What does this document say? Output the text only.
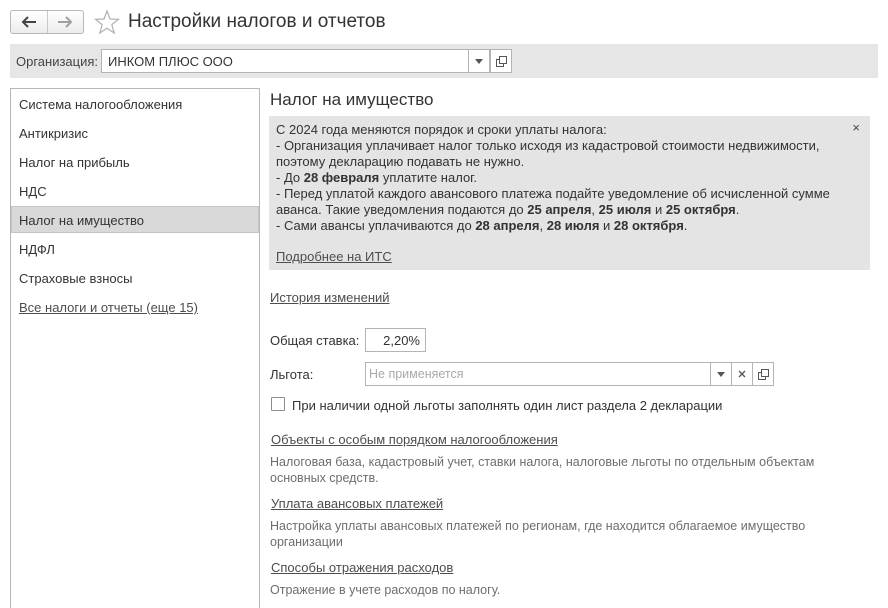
Настройки налогов и отчетов
Организация: ИНКОМ ПЛЮС ООО
Система налогообложения
Антикризис
Налог на прибыль
НДС
Налог на имущество
НДФЛ
Страховые взносы
Все налоги и отчеты (еще 15)
Налог на имущество
×

С 2024 года меняются порядок и сроки уплаты налога:

- Организация уплачивает налог только исходя из кадастровой стоимости недвижимости,

поэтому декларацию подавать не нужно.

- До 28 февраля уплатите налог.

- Перед уплатой каждого авансового платежа подайте уведомление об исчисленной сумме

аванса. Такие уведомления подаются до 25 апреля, 25 июля и 25 октября.

- Сами авансы уплачиваются до 28 апреля, 28 июля и 28 октября.

Подробнее на ИТС
История изменений
Общая ставка:	2,20%
Льгота:	Не применяется
При наличии одной льготы заполнять один лист раздела 2 декларации
Объекты с особым порядком налогообложения
Налоговая база, кадастровый учет, ставки налога, налоговые льготы по отдельным объектам основных средств.
Уплата авансовых платежей
Настройка уплаты авансовых платежей по регионам, где находится облагаемое имущество организации
Способы отражения расходов
Отражение в учете расходов по налогу.
